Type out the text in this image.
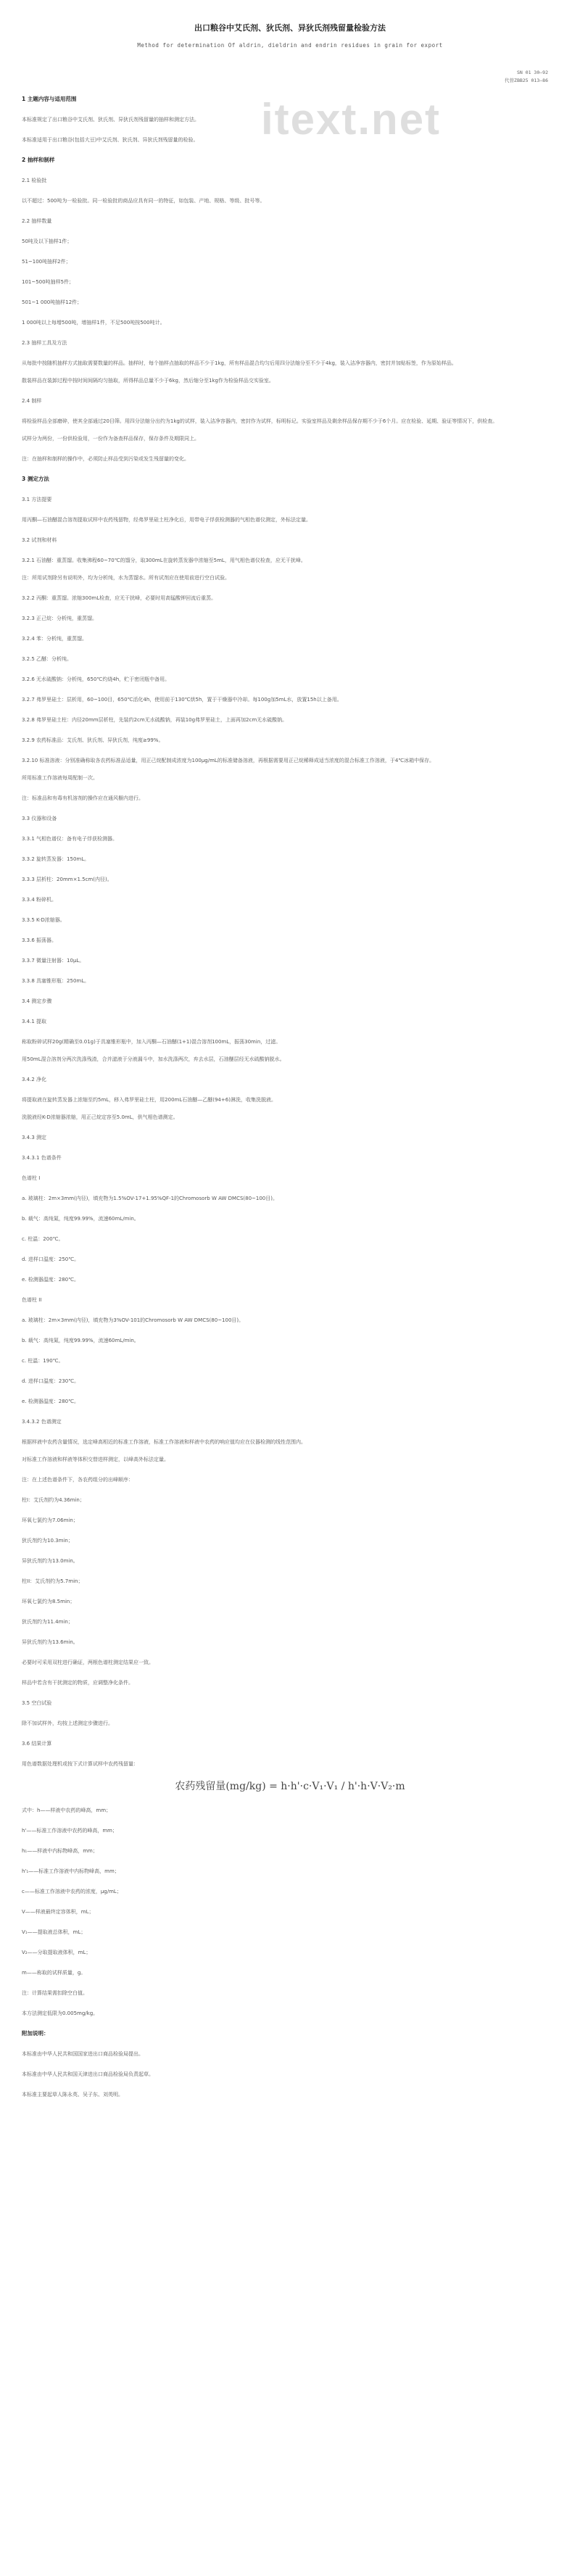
itext.net
出口粮谷中艾氏剂、狄氏剂、异狄氏剂残留量检验方法
Method for determination Of aldrin, dieldrin and endrin residues in grain for export
SN 01 30—92
代替ZBB25 013—86
1 主题内容与适用范围
本标准规定了出口粮谷中艾氏剂、狄氏剂、异狄氏剂残留量的抽样和测定方法。
本标准适用于出口粮谷(包括大豆)中艾氏剂、狄氏剂、异狄氏剂残留量的检验。
2 抽样和制样
2.1 检验批
以不超过：500吨为一检验批。同一检验批的商品应具有同一的特征，如包装、产地、规格、等级、批号等。
2.2 抽样数量
50吨及以下抽样1件；
51~100吨抽样2件；
101~500吨抽样5件；
501~1 000吨抽样12件；
1 000吨以上每增500吨，增抽样1件，不足500吨按500吨计。
2.3 抽样工具及方法
从每批中按随机抽样方式抽取需要数量的样品。抽样时，每个抽样点抽取的样品不少于1kg，所有样品混合均匀后用四分法缩分至不少于4kg，装入洁净容器内，密封并加贴标签，作为原始样品。
散装样品在装卸过程中按时间间隔均匀抽取，所得样品总量不少于6kg，然后缩分至1kg作为检验样品交实验室。
2.4 制样
将检验样品全部磨碎，使其全部通过20目筛。用四分法缩分出约为1kg的试样，装入洁净容器内，密封作为试样，标明标记。实验室样品及剩余样品保存期不少于6个月。应在检验、延期、验证等情况下，供检查。
试样分为两份，一份供检验用，一份作为备查样品保存，保存条件及期限同上。
注：在抽样和制样的操作中，必须防止样品受到污染或发生残留量的变化。
3 测定方法
3.1 方法提要
用丙酮—石油醚混合溶剂提取试样中农药残留物，经弗罗里硅土柱净化后，用带电子俘获检测器的气相色谱仪测定，外标法定量。
3.2 试剂和材料
3.2.1 石油醚：重蒸馏。收集沸程60~70℃的馏分，取300mL在旋转蒸发器中浓缩至5mL，用气相色谱仪检查，应无干扰峰。
注：所用试剂除另有说明外，均为分析纯，水为蒸馏水。所有试剂应在使用前进行空白试验。
3.2.2 丙酮：重蒸馏。浓缩300mL检查，应无干扰峰，必要时用高锰酸钾回流后重蒸。
3.2.3 正己烷：分析纯，重蒸馏。
3.2.4 苯：分析纯，重蒸馏。
3.2.5 乙醚：分析纯。
3.2.6 无水硫酸钠：分析纯，650℃灼烧4h，贮于密闭瓶中备用。
3.2.7 弗罗里硅土：层析用，60~100目，650℃活化4h，使用前于130℃烘5h，置于干燥器中冷却。每100g加5mL水，放置15h以上备用。
3.2.8 弗罗里硅土柱：内径20mm层析柱，先装约2cm无水硫酸钠，再装10g弗罗里硅土，上面再加2cm无水硫酸钠。
3.2.9 农药标准品：艾氏剂、狄氏剂、异狄氏剂，纯度≥99%。
3.2.10 标准溶液：分别准确称取各农药标准品适量，用正己烷配制成浓度为100μg/mL的标准储备溶液，再根据需要用正己烷稀释成适当浓度的混合标准工作溶液，于4℃冰箱中保存。
所用标准工作溶液每周配制一次。
注：标准品和有毒有机溶剂的操作应在通风橱内进行。
3.3 仪器和设备
3.3.1 气相色谱仪：备有电子俘获检测器。
3.3.2 旋转蒸发器：150mL。
3.3.3 层析柱：20mm×1.5cm(内径)。
3.3.4 粉碎机。
3.3.5 K-D浓缩器。
3.3.6 振荡器。
3.3.7 微量注射器：10μL。
3.3.8 具塞锥形瓶：250mL。
3.4 测定步骤
3.4.1 提取
称取粉碎试样20g(精确至0.01g)于具塞锥形瓶中，加入丙酮—石油醚(1+1)混合溶剂100mL，振荡30min，过滤。
用50mL混合溶剂分两次洗涤残渣，合并滤液于分液漏斗中，加水洗涤两次，弃去水层，石油醚层经无水硫酸钠脱水。
3.4.2 净化
将提取液在旋转蒸发器上浓缩至约5mL，移入弗罗里硅土柱，用200mL石油醚—乙醚(94+6)淋洗，收集洗脱液。
洗脱液经K-D浓缩器浓缩，用正己烷定容至5.0mL，供气相色谱测定。
3.4.3 测定
3.4.3.1 色谱条件
色谱柱 I
a. 玻璃柱：2m×3mm(内径)，填充物为1.5%OV-17+1.95%QF-1的Chromosorb W AW DMCS(80~100目)。
b. 载气：高纯氮，纯度99.99%，流速60mL/min。
c. 柱温：200℃。
d. 进样口温度：250℃。
e. 检测器温度：280℃。
色谱柱 II
a. 玻璃柱：2m×3mm(内径)，填充物为3%OV-101的Chromosorb W AW DMCS(80~100目)。
b. 载气：高纯氮，纯度99.99%，流速60mL/min。
c. 柱温：190℃。
d. 进样口温度：230℃。
e. 检测器温度：280℃。
3.4.3.2 色谱测定
根据样液中农药含量情况，选定峰高相近的标准工作溶液，标准工作溶液和样液中农药的响应值均应在仪器检测的线性范围内。
对标准工作溶液和样液等体积交替进样测定，以峰高外标法定量。
注：在上述色谱条件下，各农药组分的出峰顺序：
柱I：艾氏剂约为4.36min；
环氧七氯约为7.06min；
狄氏剂约为10.3min；
异狄氏剂约为13.0min。
柱II：艾氏剂约为5.7min；
环氧七氯约为8.5min；
狄氏剂约为11.4min；
异狄氏剂约为13.6min。
必要时可采用双柱进行确证，两根色谱柱测定结果应一致。
样品中若含有干扰测定的物质，应调整净化条件。
3.5 空白试验
除不加试样外，均按上述测定步骤进行。
3.6 结果计算
用色谱数据处理机或按下式计算试样中农药残留量：
农药残留量(mg/kg) = h·h'·c·V₁·V₁ / h'·h·V·V₂·m
式中：h——样液中农药的峰高，mm；
h'——标准工作溶液中农药的峰高，mm；
h₁——样液中内标物峰高，mm；
h'₁——标准工作溶液中内标物峰高，mm；
c——标准工作溶液中农药的浓度，μg/mL；
V——样液最终定容体积，mL；
V₁——提取液总体积，mL；
V₂——分取提取液体积，mL；
m——称取的试样质量，g。
注：计算结果需扣除空白值。
本方法测定低限为0.005mg/kg。
附加说明：
本标准由中华人民共和国国家进出口商品检验局提出。
本标准由中华人民共和国天津进出口商品检验局负责起草。
本标准主要起草人陈永英、吴子东、刘英明。
